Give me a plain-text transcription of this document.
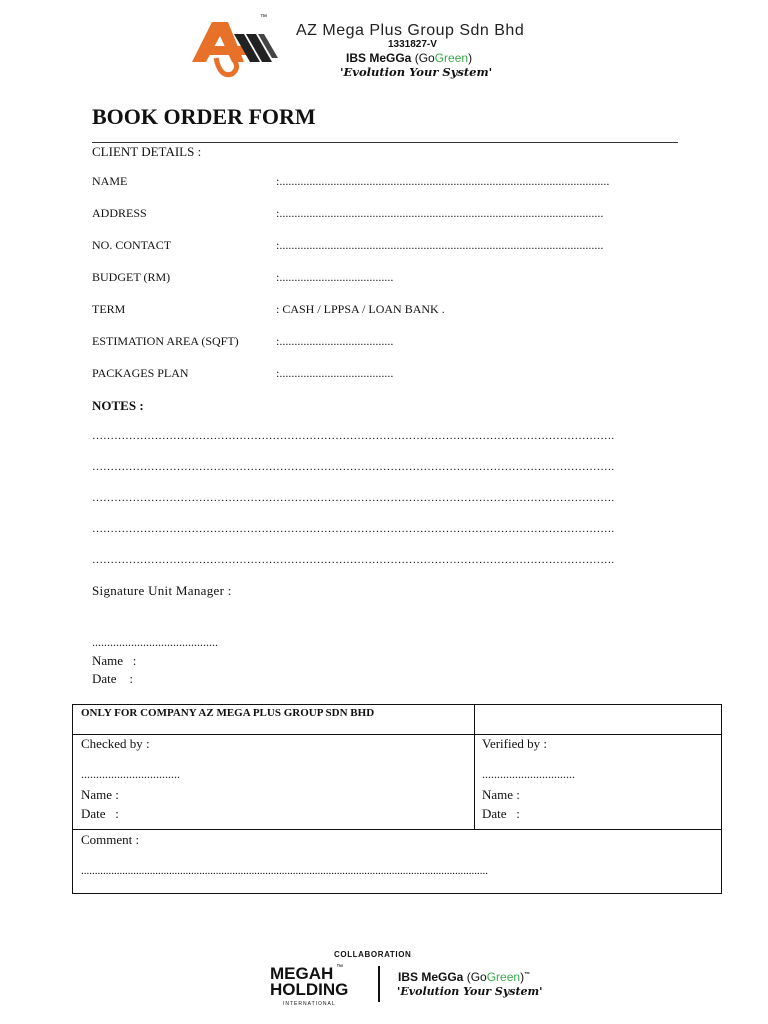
™
AZ Mega Plus Group Sdn Bhd
1331827-V
IBS MeGGa (GoGreen)
'Evolution Your System'
BOOK ORDER FORM
CLIENT DETAILS :
NAME	:..............................................................................................................
ADDRESS	:............................................................................................................
NO. CONTACT	:............................................................................................................
BUDGET (RM)	:......................................
TERM	: CASH / LPPSA / LOAN BANK .
ESTIMATION AREA (SQFT)	:......................................
PACKAGES PLAN	:......................................
NOTES :
…………………………………………………………………………………………………………………………….
…………………………………………………………………………………………………………………………….
…………………………………………………………………………………………………………………………….
…………………………………………………………………………………………………………………………….
…………………………………………………………………………………………………………………………….
Signature Unit Manager :
..........................................
Name   :
Date    :
ONLY FOR COMPANY AZ MEGA PLUS GROUP SDN BHD
Checked by :
.................................
Name :
Date   :
Verified by :
...............................
Name :
Date   :
Comment :
....................................................................................................................................................
COLLABORATION
MEGAH
HOLDING
™
INTERNATIONAL
IBS MeGGa (GoGreen)™
'Evolution Your System'
